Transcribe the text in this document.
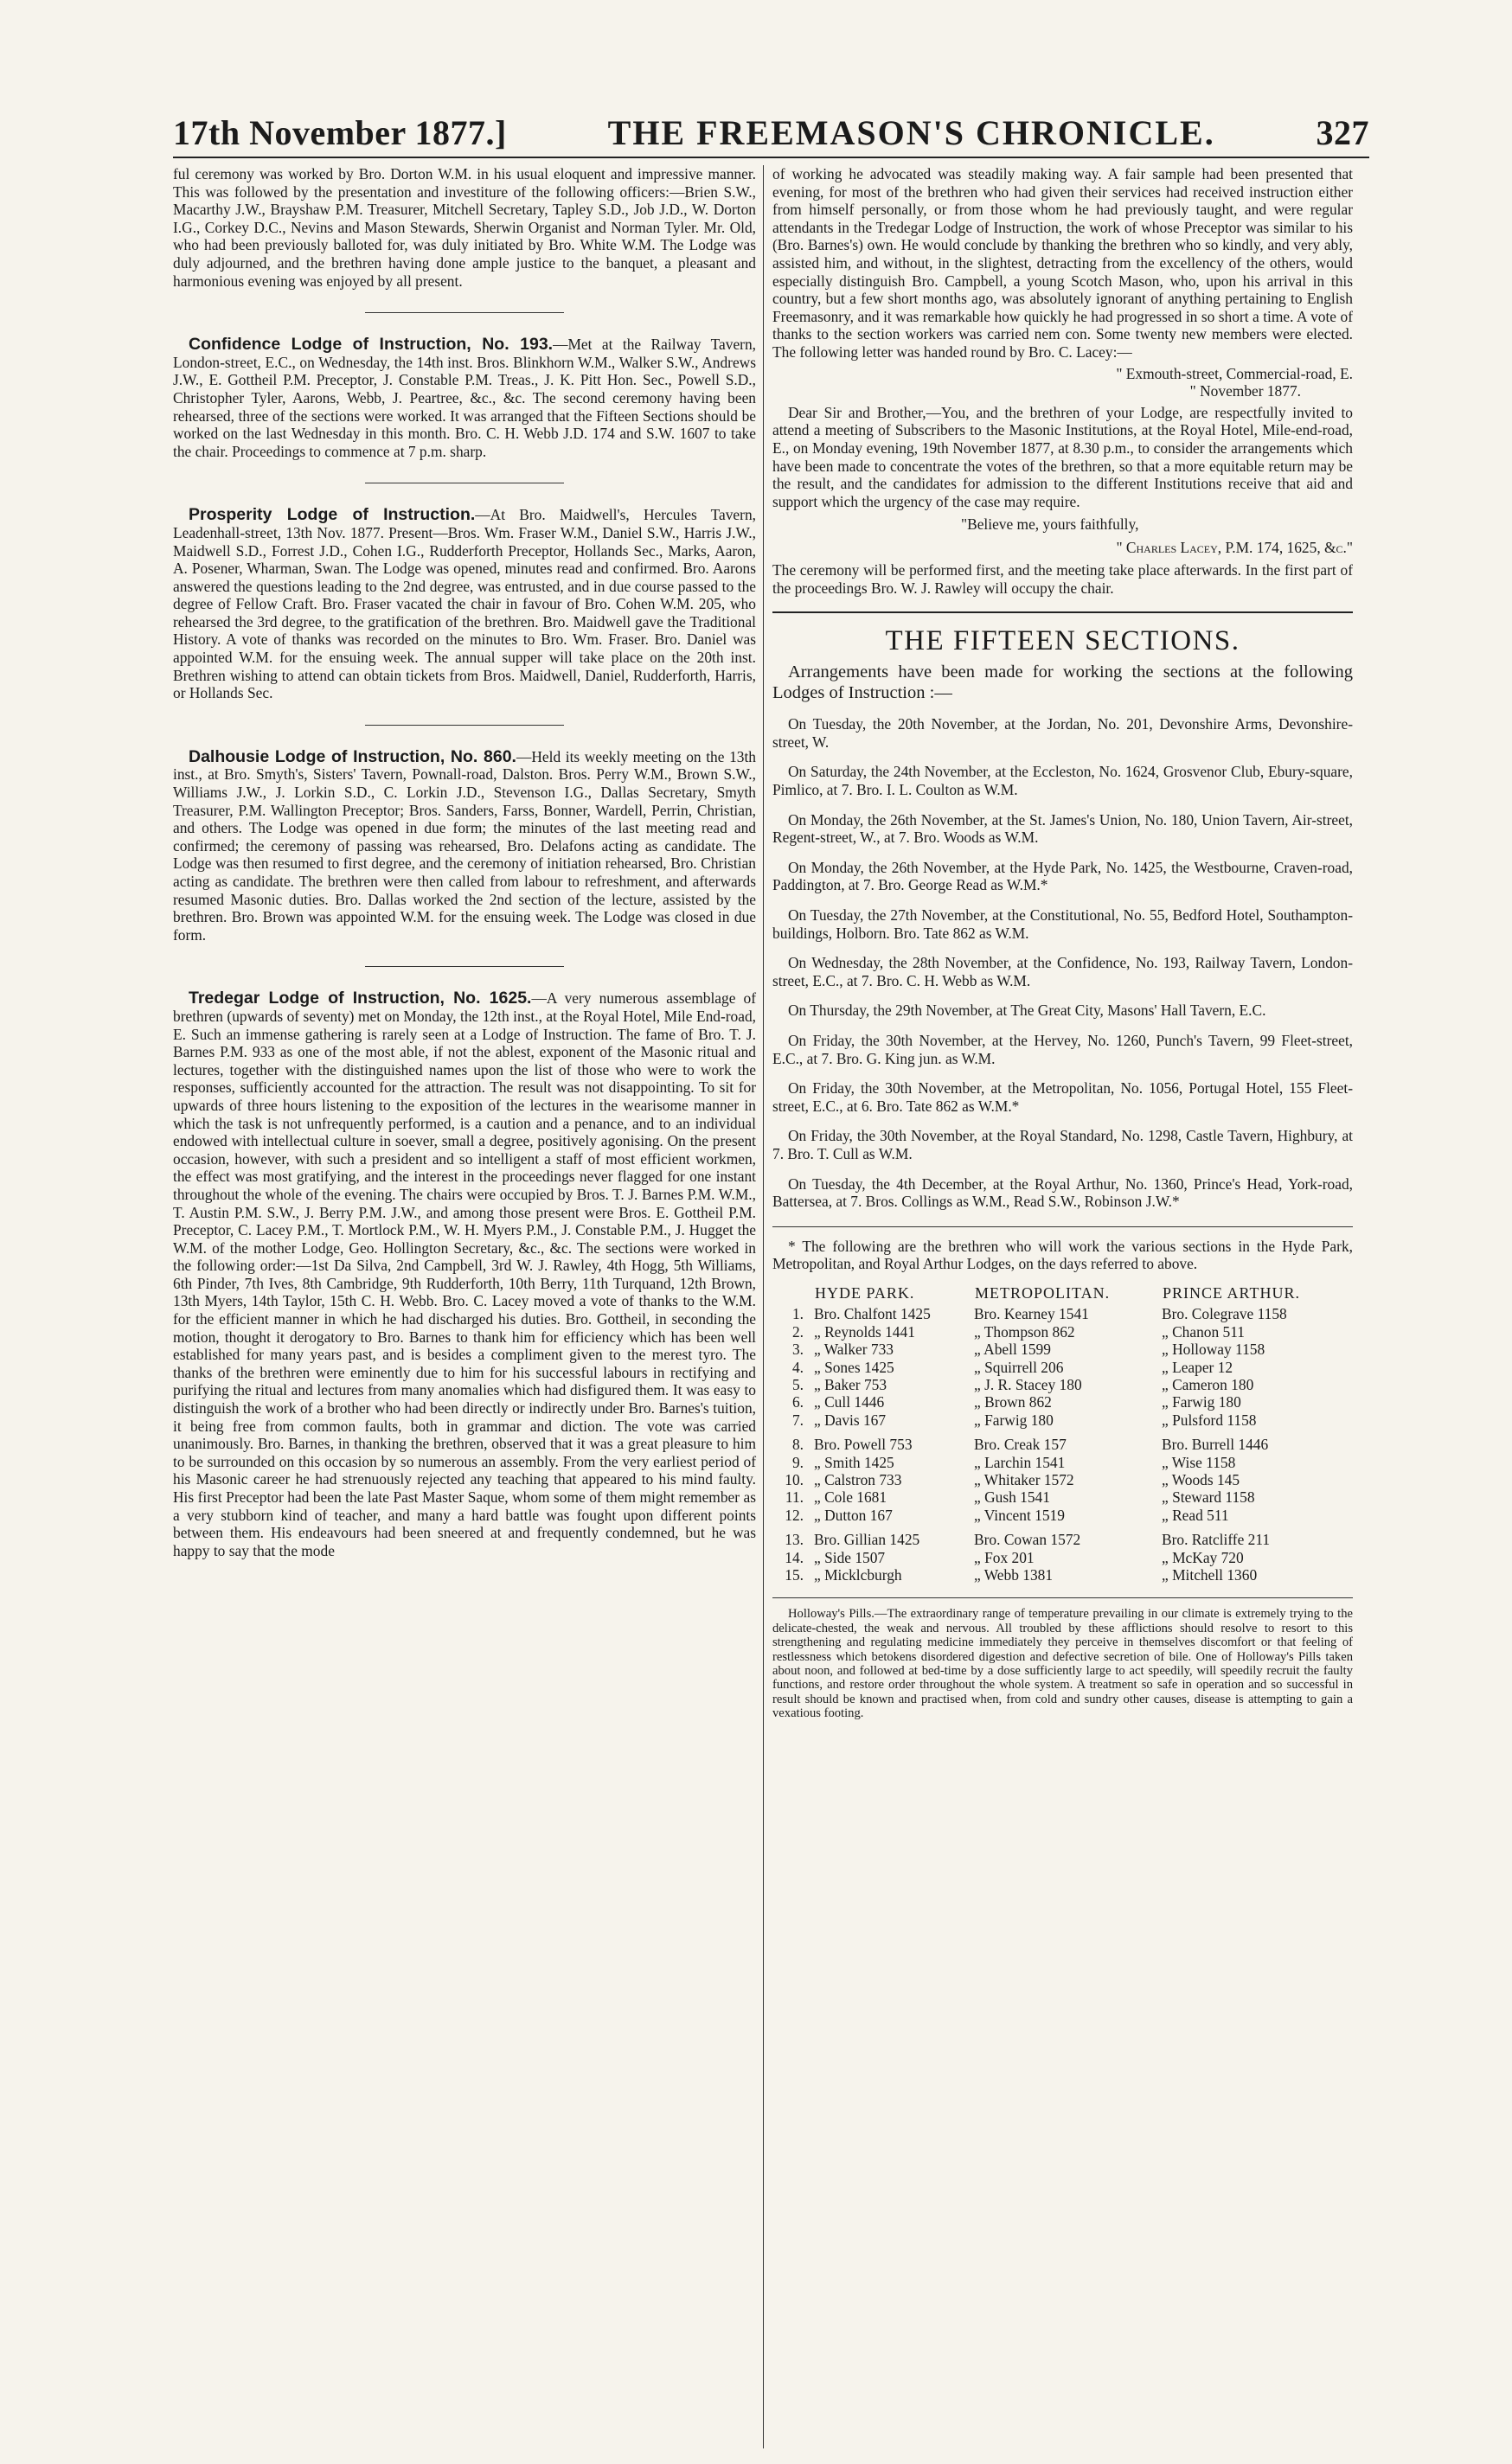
17th November 1877.]	THE FREEMASON'S CHRONICLE.	327

ful ceremony was worked by Bro. Dorton W.M. in his usual eloquent and impressive manner. This was followed by the presentation and investiture of the following officers:—Brien S.W., Macarthy J.W., Brayshaw P.M. Treasurer, Mitchell Secretary, Tapley S.D., Job J.D., W. Dorton I.G., Corkey D.C., Nevins and Mason Stewards, Sherwin Organist and Norman Tyler. Mr. Old, who had been previously balloted for, was duly initiated by Bro. White W.M. The Lodge was duly adjourned, and the brethren having done ample justice to the banquet, a pleasant and harmonious evening was enjoyed by all present.

Confidence Lodge of Instruction, No. 193.—Met at the Railway Tavern, London-street, E.C., on Wednesday, the 14th inst. Bros. Blinkhorn W.M., Walker S.W., Andrews J.W., E. Gottheil P.M. Preceptor, J. Constable P.M. Treas., J. K. Pitt Hon. Sec., Powell S.D., Christopher Tyler, Aarons, Webb, J. Peartree, &c., &c. The second ceremony having been rehearsed, three of the sections were worked. It was arranged that the Fifteen Sections should be worked on the last Wednesday in this month. Bro. C. H. Webb J.D. 174 and S.W. 1607 to take the chair. Proceedings to commence at 7 p.m. sharp.

Prosperity Lodge of Instruction.—At Bro. Maidwell's, Hercules Tavern, Leadenhall-street, 13th Nov. 1877. Present—Bros. Wm. Fraser W.M., Daniel S.W., Harris J.W., Maidwell S.D., Forrest J.D., Cohen I.G., Rudderforth Preceptor, Hollands Sec., Marks, Aaron, A. Posener, Wharman, Swan. The Lodge was opened, minutes read and confirmed. Bro. Aarons answered the questions leading to the 2nd degree, was entrusted, and in due course passed to the degree of Fellow Craft. Bro. Fraser vacated the chair in favour of Bro. Cohen W.M. 205, who rehearsed the 3rd degree, to the gratification of the brethren. Bro. Maidwell gave the Traditional History. A vote of thanks was recorded on the minutes to Bro. Wm. Fraser. Bro. Daniel was appointed W.M. for the ensuing week. The annual supper will take place on the 20th inst. Brethren wishing to attend can obtain tickets from Bros. Maidwell, Daniel, Rudderforth, Harris, or Hollands Sec.

Dalhousie Lodge of Instruction, No. 860.—Held its weekly meeting on the 13th inst., at Bro. Smyth's, Sisters' Tavern, Pownall-road, Dalston. Bros. Perry W.M., Brown S.W., Williams J.W., J. Lorkin S.D., C. Lorkin J.D., Stevenson I.G., Dallas Secretary, Smyth Treasurer, P.M. Wallington Preceptor; Bros. Sanders, Farss, Bonner, Wardell, Perrin, Christian, and others. The Lodge was opened in due form; the minutes of the last meeting read and confirmed; the ceremony of passing was rehearsed, Bro. Delafons acting as candidate. The Lodge was then resumed to first degree, and the ceremony of initiation rehearsed, Bro. Christian acting as candidate. The brethren were then called from labour to refreshment, and afterwards resumed Masonic duties. Bro. Dallas worked the 2nd section of the lecture, assisted by the brethren. Bro. Brown was appointed W.M. for the ensuing week. The Lodge was closed in due form.

Tredegar Lodge of Instruction, No. 1625.—A very numerous assemblage of brethren (upwards of seventy) met on Monday, the 12th inst., at the Royal Hotel, Mile End-road, E. Such an immense gathering is rarely seen at a Lodge of Instruction. The fame of Bro. T. J. Barnes P.M. 933 as one of the most able, if not the ablest, exponent of the Masonic ritual and lectures, together with the distinguished names upon the list of those who were to work the responses, sufficiently accounted for the attraction. The result was not disappointing. To sit for upwards of three hours listening to the exposition of the lectures in the wearisome manner in which the task is not unfrequently performed, is a caution and a penance, and to an individual endowed with intellectual culture in soever, small a degree, positively agonising. On the present occasion, however, with such a president and so intelligent a staff of most efficient workmen, the effect was most gratifying, and the interest in the proceedings never flagged for one instant throughout the whole of the evening. The chairs were occupied by Bros. T. J. Barnes P.M. W.M., T. Austin P.M. S.W., J. Berry P.M. J.W., and among those present were Bros. E. Gottheil P.M. Preceptor, C. Lacey P.M., T. Mortlock P.M., W. H. Myers P.M., J. Constable P.M., J. Hugget the W.M. of the mother Lodge, Geo. Hollington Secretary, &c., &c. The sections were worked in the following order:—1st Da Silva, 2nd Campbell, 3rd W. J. Rawley, 4th Hogg, 5th Williams, 6th Pinder, 7th Ives, 8th Cambridge, 9th Rudderforth, 10th Berry, 11th Turquand, 12th Brown, 13th Myers, 14th Taylor, 15th C. H. Webb. Bro. C. Lacey moved a vote of thanks to the W.M. for the efficient manner in which he had discharged his duties. Bro. Gottheil, in seconding the motion, thought it derogatory to Bro. Barnes to thank him for efficiency which has been well established for many years past, and is besides a compliment given to the merest tyro. The thanks of the brethren were eminently due to him for his successful labours in rectifying and purifying the ritual and lectures from many anomalies which had disfigured them. It was easy to distinguish the work of a brother who had been directly or indirectly under Bro. Barnes's tuition, it being free from common faults, both in grammar and diction. The vote was carried unanimously. Bro. Barnes, in thanking the brethren, observed that it was a great pleasure to him to be surrounded on this occasion by so numerous an assembly. From the very earliest period of his Masonic career he had strenuously rejected any teaching that appeared to his mind faulty. His first Preceptor had been the late Past Master Saque, whom some of them might remember as a very stubborn kind of teacher, and many a hard battle was fought upon different points between them. His endeavours had been sneered at and frequently condemned, but he was happy to say that the mode

of working he advocated was steadily making way. A fair sample had been presented that evening, for most of the brethren who had given their services had received instruction either from himself personally, or from those whom he had previously taught, and were regular attendants in the Tredegar Lodge of Instruction, the work of whose Preceptor was similar to his (Bro. Barnes's) own. He would conclude by thanking the brethren who so kindly, and very ably, assisted him, and without, in the slightest, detracting from the excellency of the others, would especially distinguish Bro. Campbell, a young Scotch Mason, who, upon his arrival in this country, but a few short months ago, was absolutely ignorant of anything pertaining to English Freemasonry, and it was remarkable how quickly he had progressed in so short a time. A vote of thanks to the section workers was carried nem con. Some twenty new members were elected. The following letter was handed round by Bro. C. Lacey:—

" Exmouth-street, Commercial-road, E.

" November 1877.

Dear Sir and Brother,—You, and the brethren of your Lodge, are respectfully invited to attend a meeting of Subscribers to the Masonic Institutions, at the Royal Hotel, Mile-end-road, E., on Monday evening, 19th November 1877, at 8.30 p.m., to consider the arrangements which have been made to concentrate the votes of the brethren, so that a more equitable return may be the result, and the candidates for admission to the different Institutions receive that aid and support which the urgency of the case may require.

"Believe me, yours faithfully,

" Charles Lacey, P.M. 174, 1625, &c."

The ceremony will be performed first, and the meeting take place afterwards. In the first part of the proceedings Bro. W. J. Rawley will occupy the chair.

THE FIFTEEN SECTIONS.

Arrangements have been made for working the sections at the following Lodges of Instruction :—

On Tuesday, the 20th November, at the Jordan, No. 201, Devonshire Arms, Devonshire-street, W.

On Saturday, the 24th November, at the Eccleston, No. 1624, Grosvenor Club, Ebury-square, Pimlico, at 7. Bro. I. L. Coulton as W.M.

On Monday, the 26th November, at the St. James's Union, No. 180, Union Tavern, Air-street, Regent-street, W., at 7. Bro. Woods as W.M.

On Monday, the 26th November, at the Hyde Park, No. 1425, the Westbourne, Craven-road, Paddington, at 7. Bro. George Read as W.M.*

On Tuesday, the 27th November, at the Constitutional, No. 55, Bedford Hotel, Southampton-buildings, Holborn. Bro. Tate 862 as W.M.

On Wednesday, the 28th November, at the Confidence, No. 193, Railway Tavern, London-street, E.C., at 7. Bro. C. H. Webb as W.M.

On Thursday, the 29th November, at The Great City, Masons' Hall Tavern, E.C.

On Friday, the 30th November, at the Hervey, No. 1260, Punch's Tavern, 99 Fleet-street, E.C., at 7. Bro. G. King jun. as W.M.

On Friday, the 30th November, at the Metropolitan, No. 1056, Portugal Hotel, 155 Fleet-street, E.C., at 6. Bro. Tate 862 as W.M.*

On Friday, the 30th November, at the Royal Standard, No. 1298, Castle Tavern, Highbury, at 7. Bro. T. Cull as W.M.

On Tuesday, the 4th December, at the Royal Arthur, No. 1360, Prince's Head, York-road, Battersea, at 7. Bros. Collings as W.M., Read S.W., Robinson J.W.*

* The following are the brethren who will work the various sections in the Hyde Park, Metropolitan, and Royal Arthur Lodges, on the days referred to above.

	HYDE PARK.	METROPOLITAN.	PRINCE ARTHUR.
1.	Bro. Chalfont 1425	Bro. Kearney 1541	Bro. Colegrave 1158
2.	„ Reynolds 1441	„ Thompson 862	„ Chanon 511
3.	„ Walker 733	„ Abell 1599	„ Holloway 1158
4.	„ Sones 1425	„ Squirrell 206	„ Leaper 12
5.	„ Baker 753	„ J. R. Stacey 180	„ Cameron 180
6.	„ Cull 1446	„ Brown 862	„ Farwig 180
7.	„ Davis 167	„ Farwig 180	„ Pulsford 1158
8.	Bro. Powell 753	Bro. Creak 157	Bro. Burrell 1446
9.	„ Smith 1425	„ Larchin 1541	„ Wise 1158
10.	„ Calstron 733	„ Whitaker 1572	„ Woods 145
11.	„ Cole 1681	„ Gush 1541	„ Steward 1158
12.	„ Dutton 167	„ Vincent 1519	„ Read 511
13.	Bro. Gillian 1425	Bro. Cowan 1572	Bro. Ratcliffe 211
14.	„ Side 1507	„ Fox 201	„ McKay 720
15.	„ Micklcburgh	„ Webb 1381	„ Mitchell 1360

Holloway's Pills.—The extraordinary range of temperature prevailing in our climate is extremely trying to the delicate-chested, the weak and nervous. All troubled by these afflictions should resolve to resort to this strengthening and regulating medicine immediately they perceive in themselves discomfort or that feeling of restlessness which betokens disordered digestion and defective secretion of bile. One of Holloway's Pills taken about noon, and followed at bed-time by a dose sufficiently large to act speedily, will speedily recruit the faulty functions, and restore order throughout the whole system. A treatment so safe in operation and so successful in result should be known and practised when, from cold and sundry other causes, disease is attempting to gain a vexatious footing.
